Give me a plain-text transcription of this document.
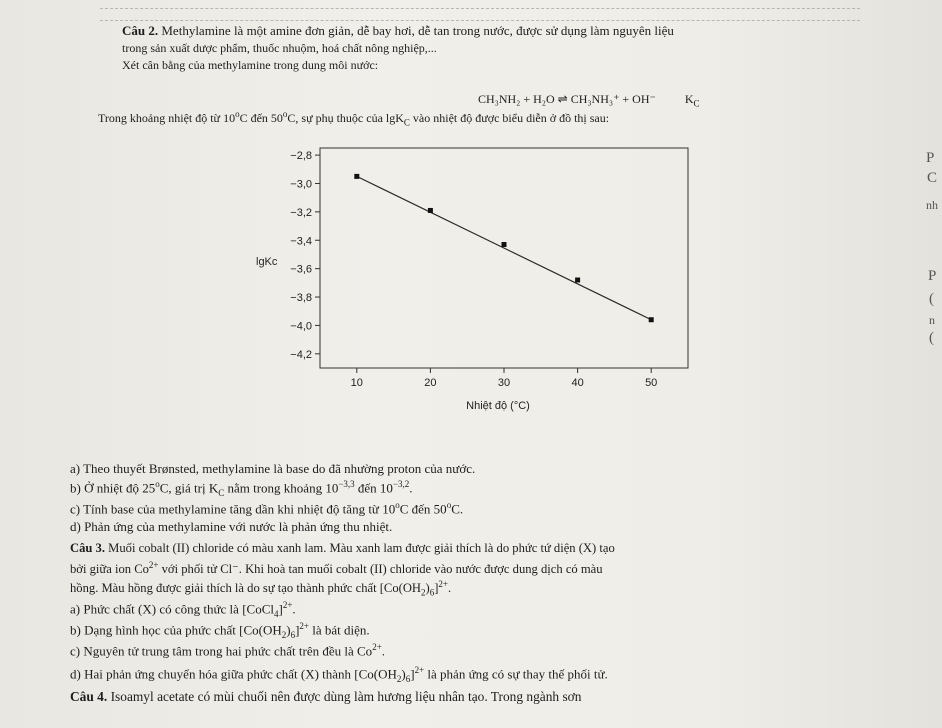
Câu 2. Methylamine là một amine đơn giản, dễ bay hơi, dễ tan trong nước, được sử dụng làm nguyên liệu
trong sản xuất dược phẩm, thuốc nhuộm, hoá chất nông nghiệp,...
Xét cân bằng của methylamine trong dung môi nước:
CH₃NH₂ + H₂O ⇌ CH₃NH₃⁺ + OH⁻ $K_C$
Trong khoảng nhiệt độ từ 10$^o$C đến 50$^o$C, sự phụ thuộc của lgK$_C$ vào nhiệt độ được biểu diễn ở đồ thị sau:
−2,8
−3,0
−3,2
−3,4
−3,6
−3,8
−4,0
−4,2
10	20	30	40	50
lgKc
Nhiệt độ (°C)
a) Theo thuyết Brønsted, methylamine là base do đã nhường proton của nước.
b) Ở nhiệt độ 25$^o$C, giá trị $K_C$ nằm trong khoảng $10^{-3,3}$ đến $10^{-3,2}$.
c) Tính base của methylamine tăng dần khi nhiệt độ tăng từ 10$^o$C đến 50$^o$C.
d) Phản ứng của methylamine với nước là phản ứng thu nhiệt.
Câu 3. Muối cobalt (II) chloride có màu xanh lam. Màu xanh lam được giải thích là do phức tứ diện (X) tạo
bởi giữa ion $Co^{2+}$ với phối tử Cl⁻. Khi hoà tan muối cobalt (II) chloride vào nước được dung dịch có màu
hồng. Màu hồng được giải thích là do sự tạo thành phức chất $[Co(OH_2)_6]^{2+}$.
a) Phức chất (X) có công thức là [CoCl$_4$]$^{2+}$.
b) Dạng hình học của phức chất $[Co(OH_2)_6]^{2+}$ là bát diện.
c) Nguyên tử trung tâm trong hai phức chất trên đều là $Co^{2+}$.
d) Hai phản ứng chuyển hóa giữa phức chất (X) thành $[Co(OH_2)_6]^{2+}$ là phản ứng có sự thay thế phối tử.
Câu 4. Isoamyl acetate có mùi chuối nên được dùng làm hương liệu nhân tạo. Trong ngành sơn
P
C
nh
P
(
n
(
